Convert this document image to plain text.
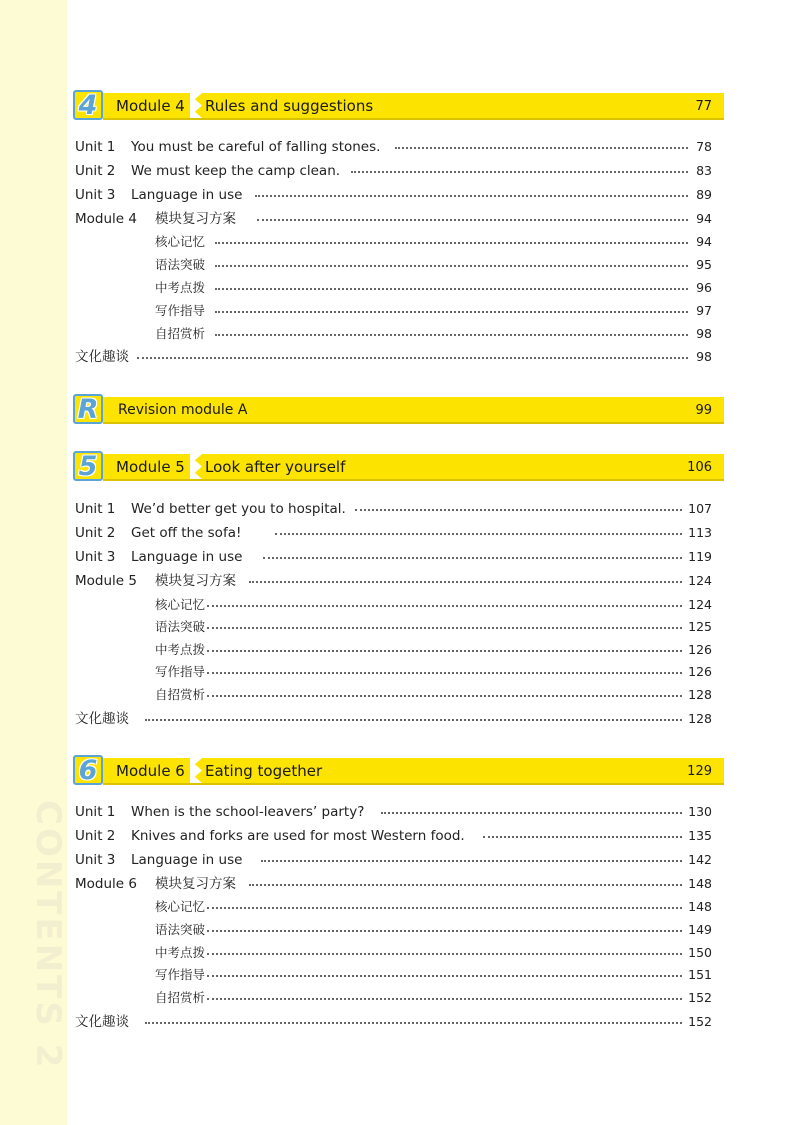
CONTENTS 2
4 Module 4 Rules and suggestions	77
Unit 1 You must be careful of falling stones.	78
Unit 2 We must keep the camp clean.	83
Unit 3 Language in use	89
Module 4 模块复习方案	94
核心记忆	94
语法突破	95
中考点拨	96
写作指导	97
自招赏析	98
文化趣谈	98
R Revision module A	99
5 Module 5 Look after yourself	106
Unit 1 We’d better get you to hospital.	107
Unit 2 Get off the sofa!	113
Unit 3 Language in use	119
Module 5 模块复习方案	124
核心记忆	124
语法突破	125
中考点拨	126
写作指导	126
自招赏析	128
文化趣谈	128
6 Module 6 Eating together	129
Unit 1 When is the school-leavers’ party?	130
Unit 2 Knives and forks are used for most Western food.	135
Unit 3 Language in use	142
Module 6 模块复习方案	148
核心记忆	148
语法突破	149
中考点拨	150
写作指导	151
自招赏析	152
文化趣谈	152
